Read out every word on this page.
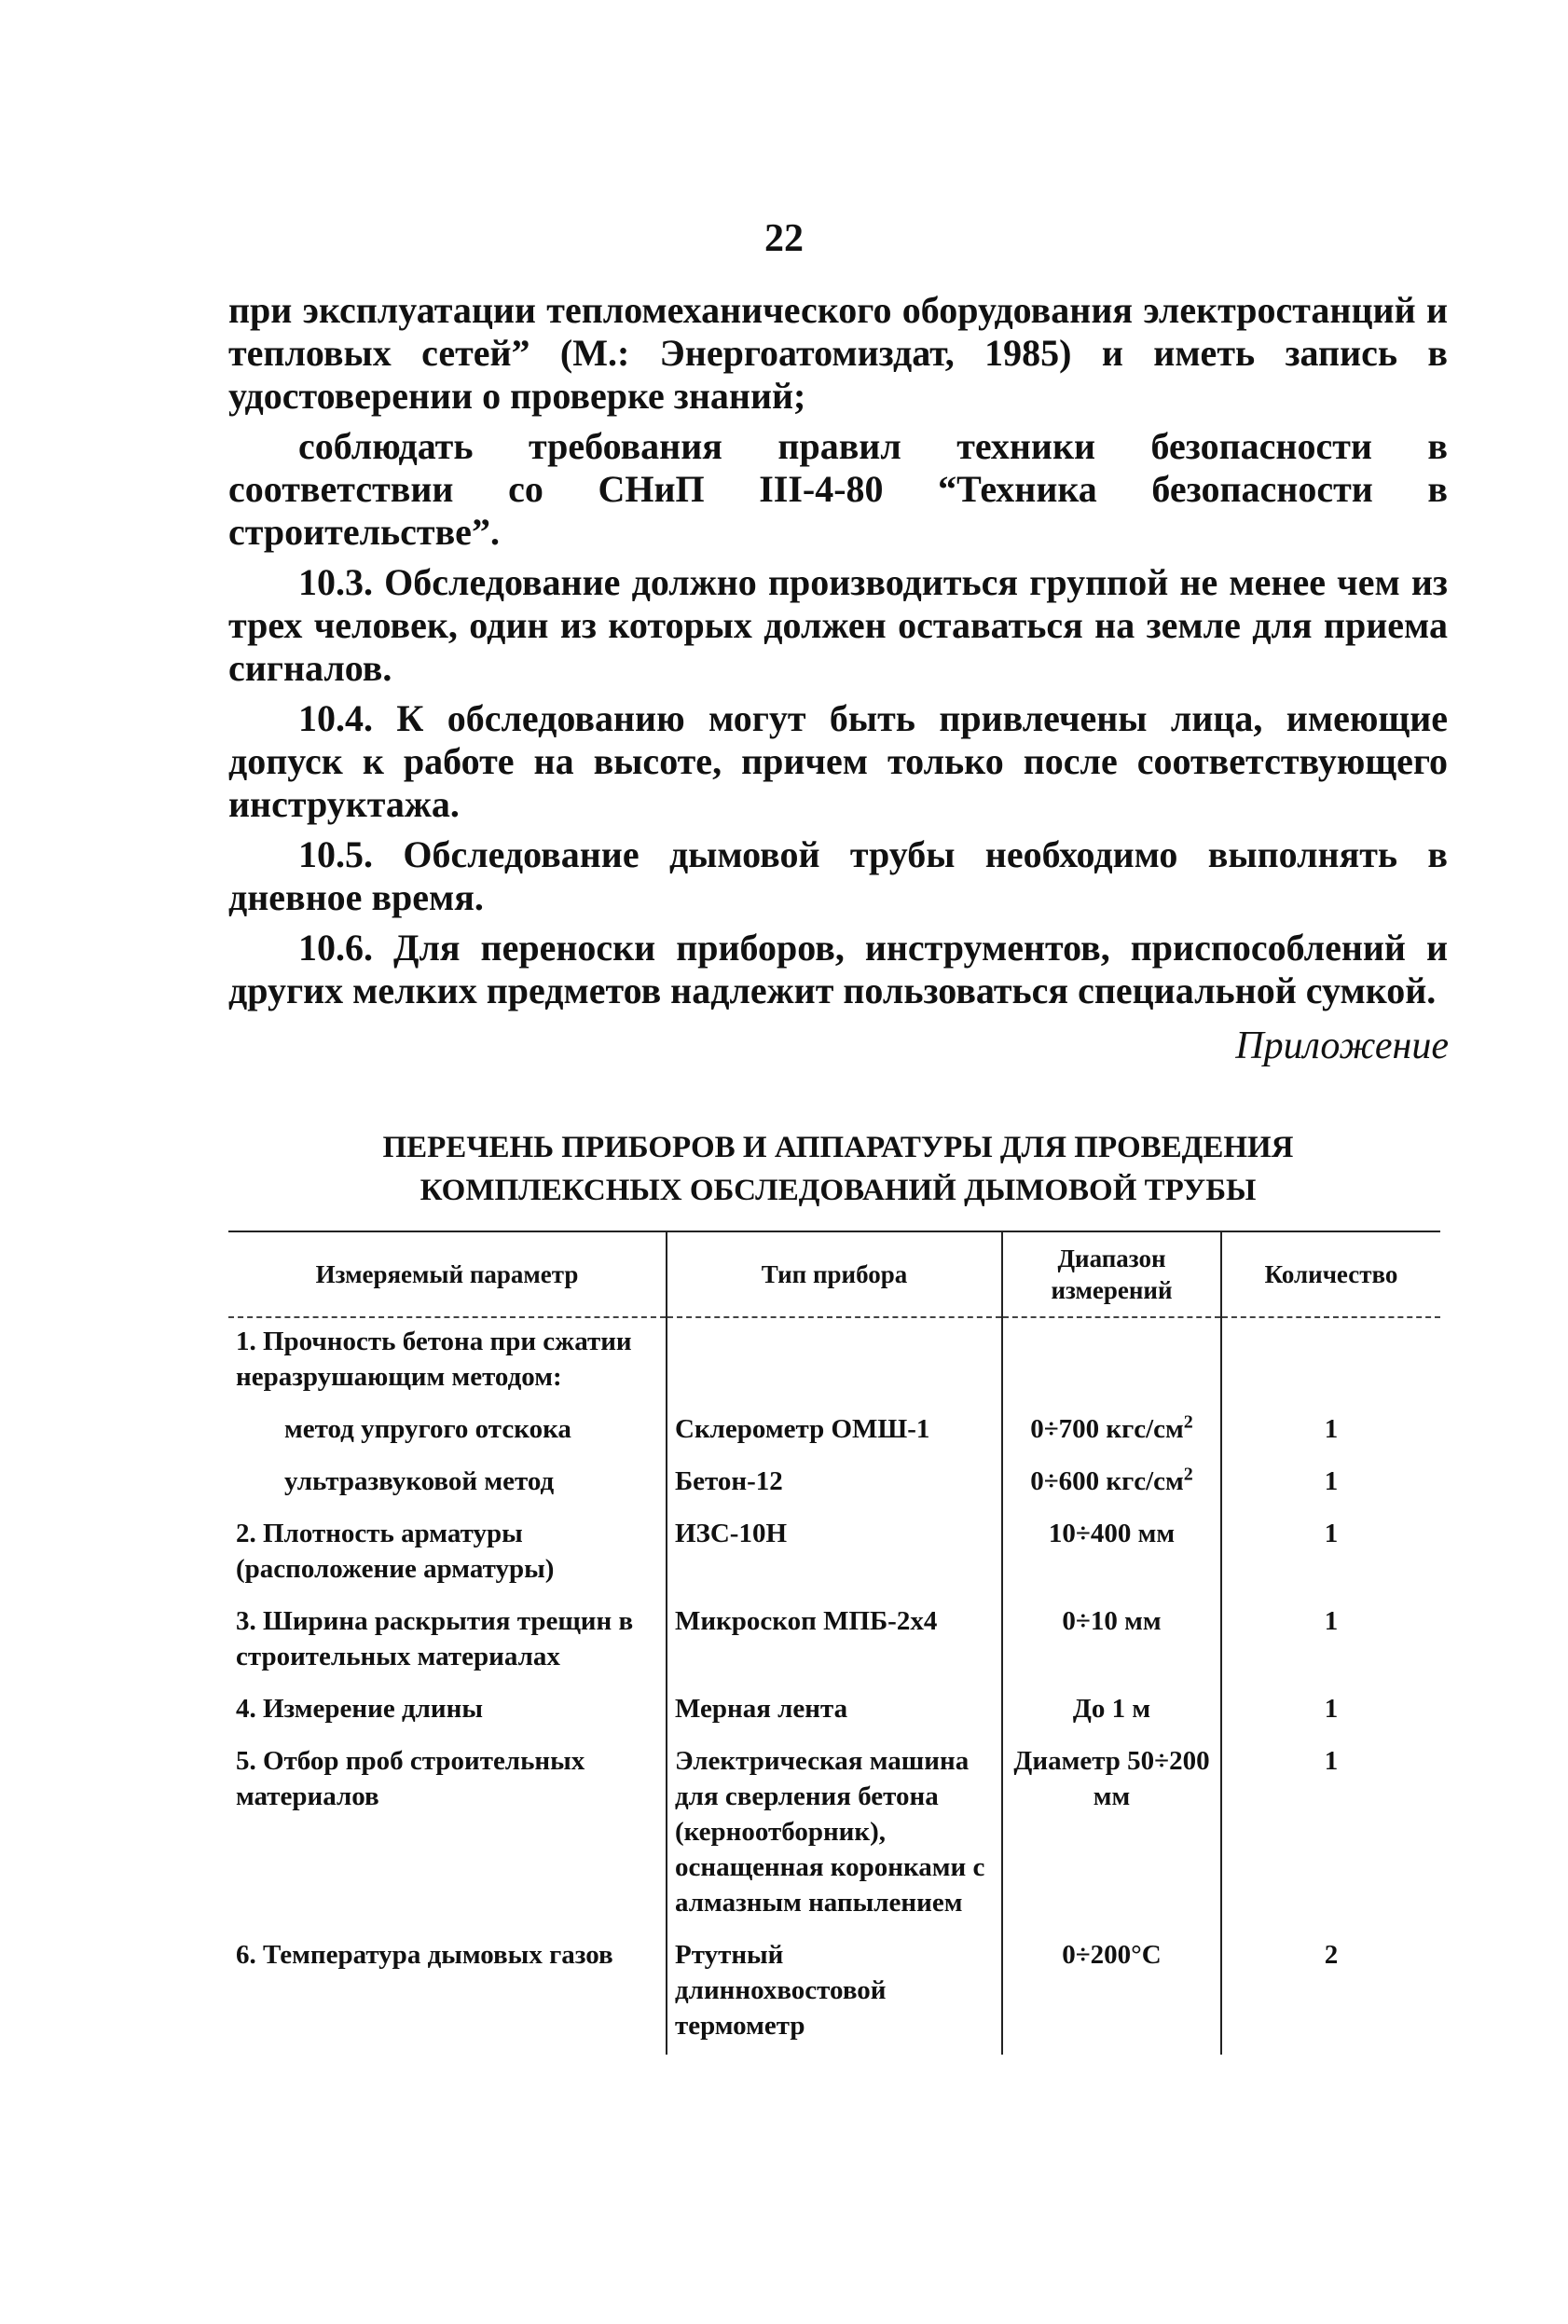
22

при эксплуатации тепломеханического оборудования электростанций и тепловых сетей” (М.: Энергоатомиздат, 1985) и иметь запись в удостоверении о проверке знаний;

соблюдать требования правил техники безопасности в соответствии со СНиП III-4-80 “Техника безопасности в строительстве”.

10.3. Обследование должно производиться группой не менее чем из трех человек, один из которых должен оставаться на земле для приема сигналов.

10.4. К обследованию могут быть привлечены лица, имеющие допуск к работе на высоте, причем только после соответствующего инструктажа.

10.5. Обследование дымовой трубы необходимо выполнять в дневное время.

10.6. Для переноски приборов, инструментов, приспособлений и других мелких предметов надлежит пользоваться специальной сумкой.

Приложение
ПЕРЕЧЕНЬ ПРИБОРОВ И АППАРАТУРЫ ДЛЯ ПРОВЕДЕНИЯ
КОМПЛЕКСНЫХ ОБСЛЕДОВАНИЙ ДЫМОВОЙ ТРУБЫ
Измеряемый параметр	Тип прибора	Диапазон измерений	Количество
1. Прочность бетона при сжатии неразрушающим методом:			
метод упругого отскока	Склерометр ОМШ-1	0÷700 кгс/$см^2$	1
ультразвуковой метод	Бетон-12	0÷600 кгс/$см^2$	1
2. Плотность арматуры (расположение арматуры)	ИЗС-10Н	10÷400 мм	1
3. Ширина раскрытия трещин в строительных материалах	Микроскоп МПБ-2х4	0÷10 мм	1
4. Измерение длины	Мерная лента	До 1 м	1
5. Отбор проб строительных материалов	Электрическая машина для сверления бетона (керноотборник), оснащенная коронками с алмазным напылением	Диаметр 50÷200 мм	1
6. Температура дымовых газов	Ртутный длиннохвостовой термометр	0÷200°С	2
